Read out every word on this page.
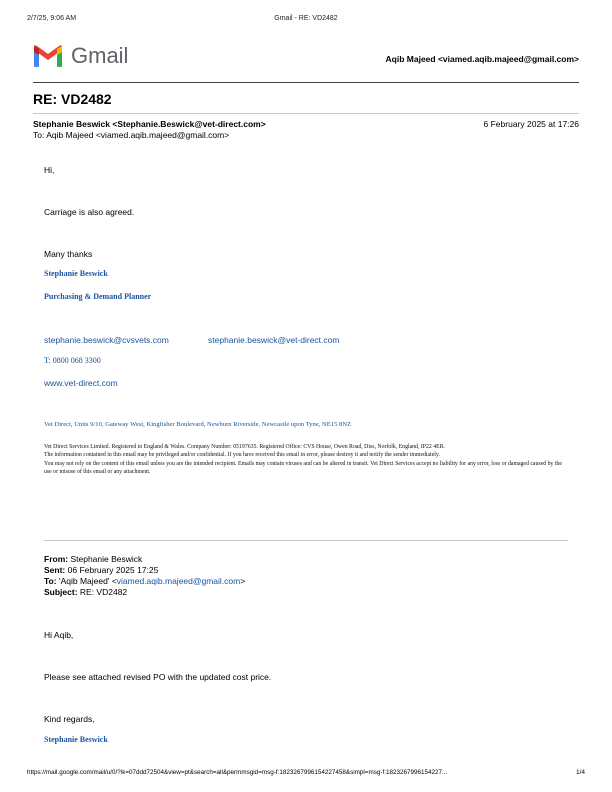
2/7/25, 9:06 AM	Gmail - RE: VD2482
Gmail	Aqib Majeed <viamed.aqib.majeed@gmail.com>
RE: VD2482
Stephanie Beswick <Stephanie.Beswick@vet-direct.com>	6 February 2025 at 17:26
To: Aqib Majeed <viamed.aqib.majeed@gmail.com>
Hi,
Carriage is also agreed.
Many thanks
Stephanie Beswick
Purchasing & Demand Planner
stephanie.beswick@cvsvets.com	stephanie.beswick@vet-direct.com
T: 0800 068 3300
www.vet-direct.com
Vet Direct, Units 9/10, Gateway West, Kingfisher Boulevard, Newburn Riverside, Newcastle upon Tyne, NE15 8NZ
Vet Direct Services Limited. Registered in England & Wales. Company Number: 05197635. Registered Office: CVS House, Owen Road, Diss, Norfolk, England, IP22 4ER.
The information contained in this email may be privileged and/or confidential. If you have received this email in error, please destroy it and notify the sender immediately.
You may not rely on the content of this email unless you are the intended recipient. Emails may contain viruses and can be altered in transit. Vet Direct Services accept no liability for any error, loss or damaged caused by the use or misuse of this email or any attachment.
From: Stephanie Beswick
Sent: 06 February 2025 17:25
To: 'Aqib Majeed' <viamed.aqib.majeed@gmail.com>
Subject: RE: VD2482
Hi Aqib,
Please see attached revised PO with the updated cost price.
Kind regards,
Stephanie Beswick
https://mail.google.com/mail/u/0/?ik=07ddd72504&view=pt&search=all&permmsgid=msg-f:1823267996154227458&simpl=msg-f:1823267996154227...	1/4
